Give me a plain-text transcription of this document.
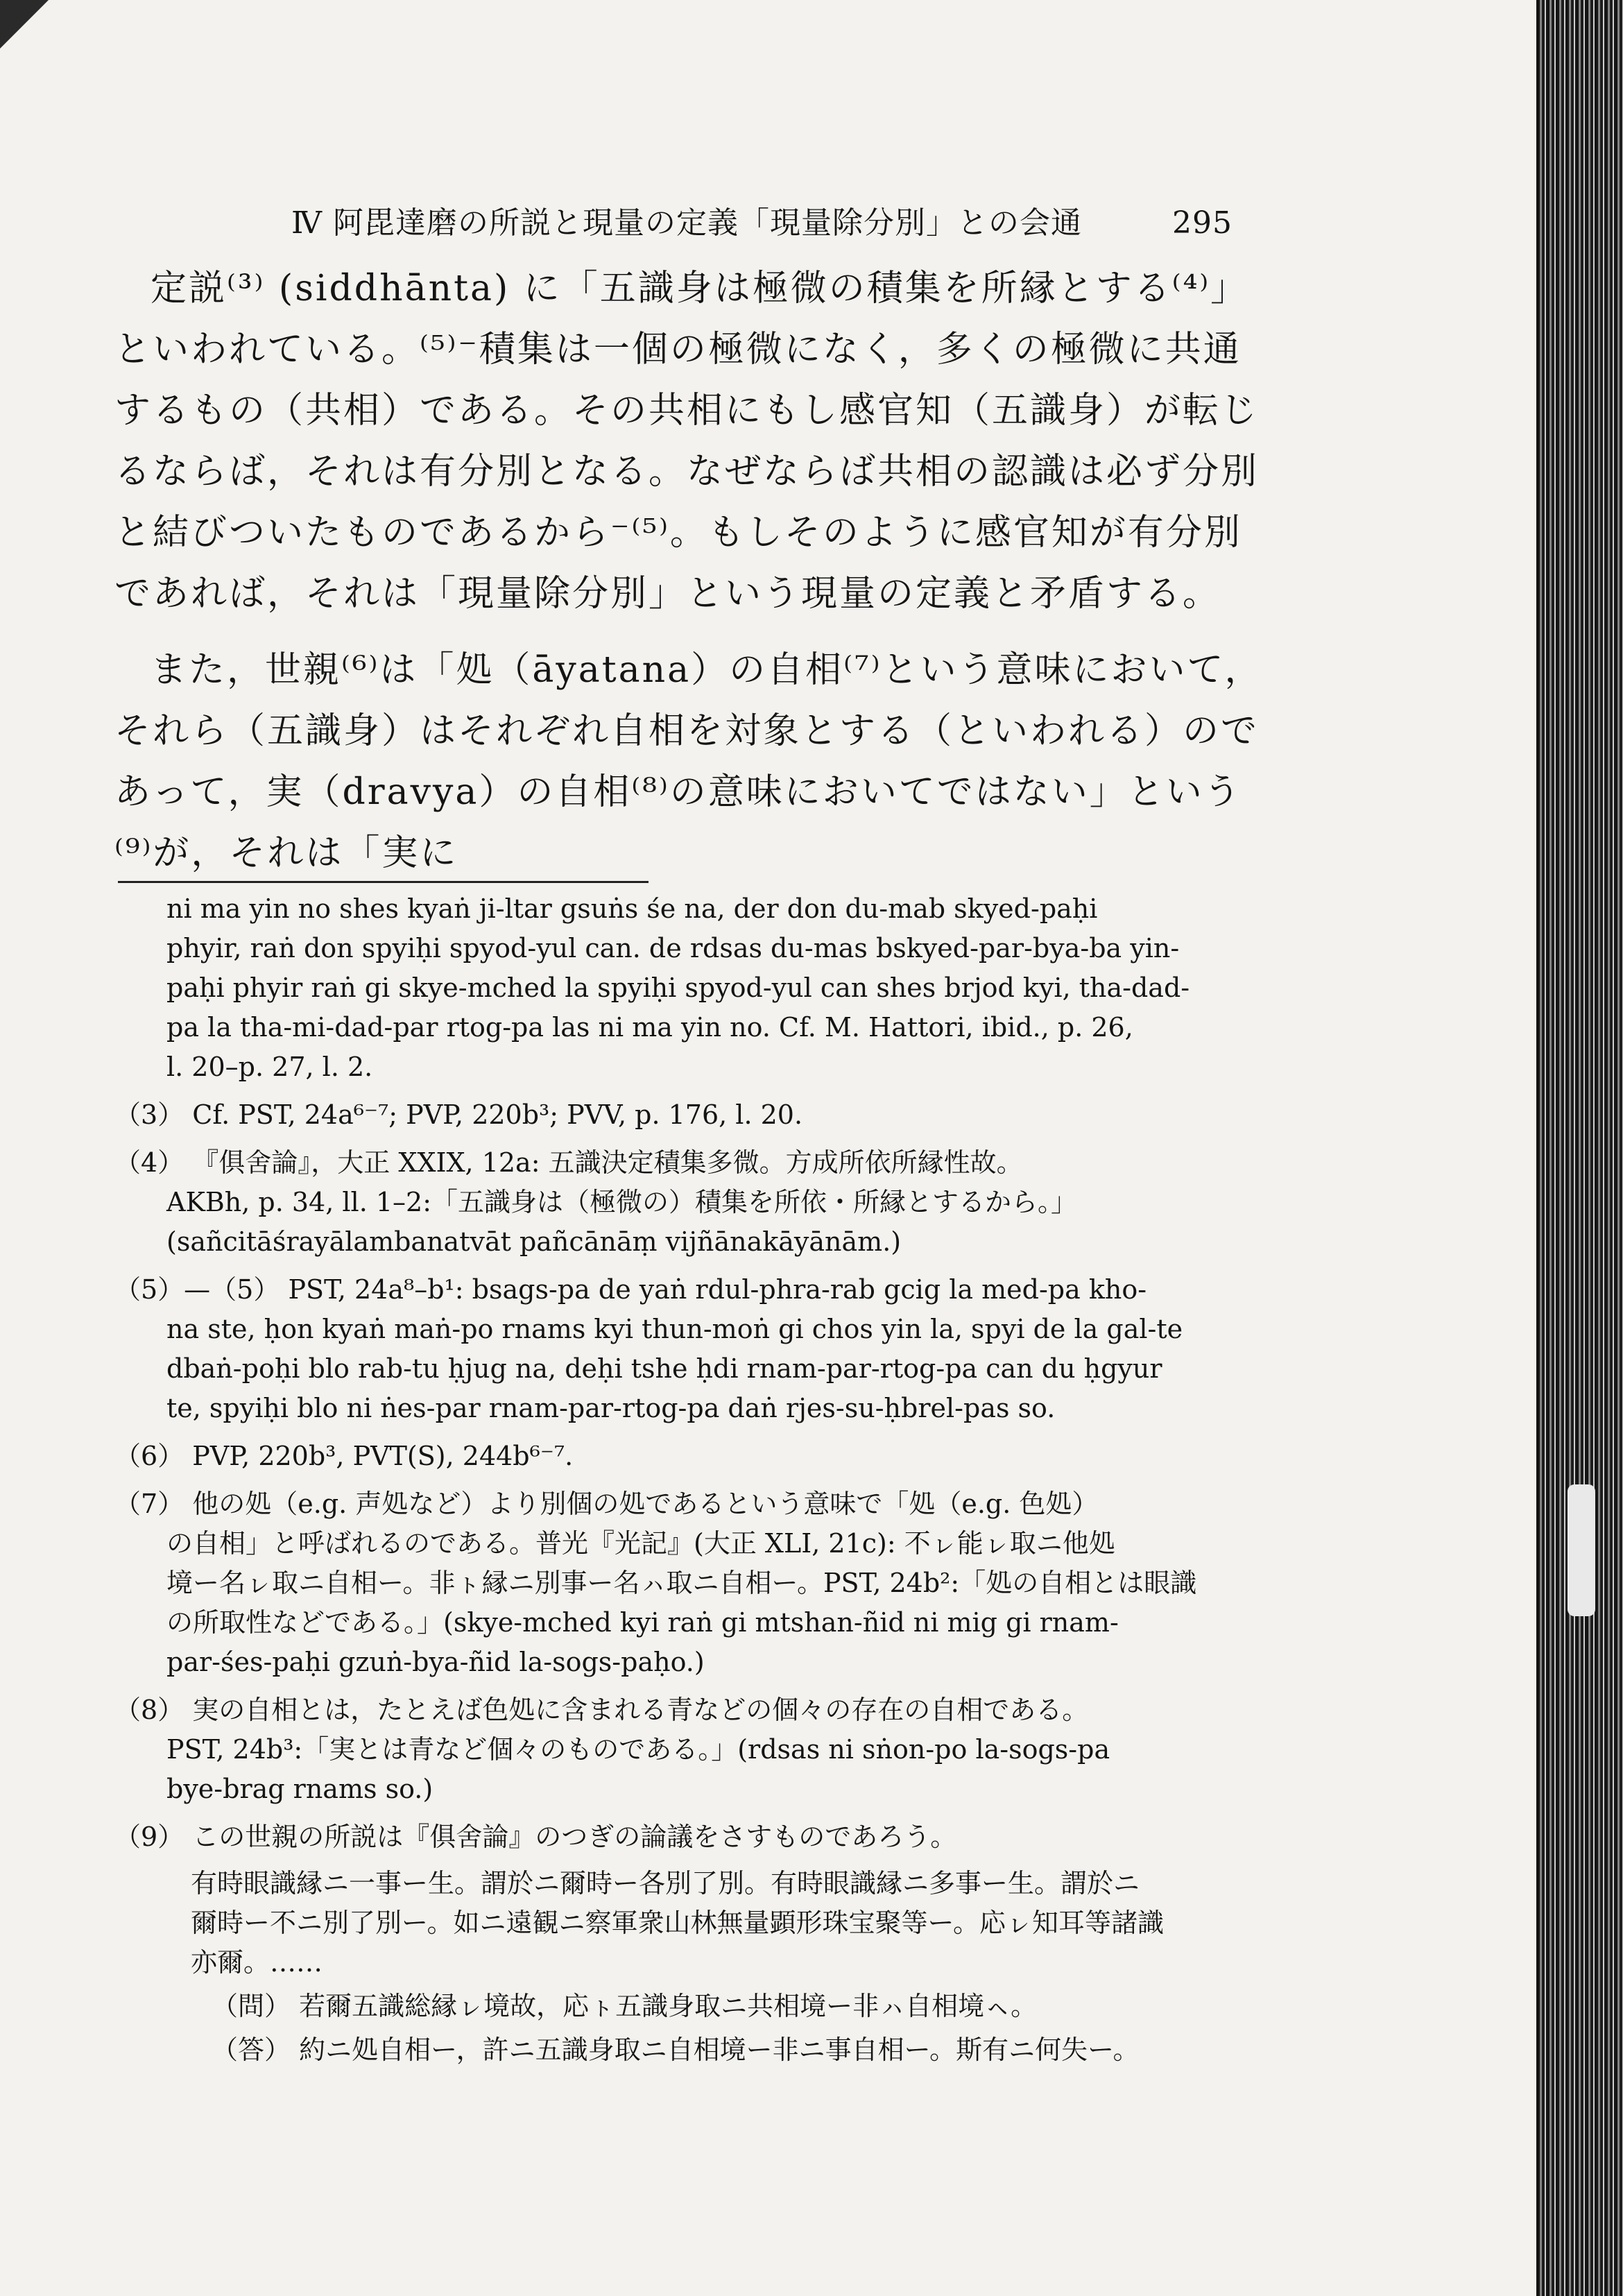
Ⅳ 阿毘達磨の所説と現量の定義「現量除分別」との会通	295

定説⁽³⁾ (siddhānta) に「五識身は極微の積集を所縁とする⁽⁴⁾」といわれている。⁽⁵⁾⁻積集は一個の極微になく，多くの極微に共通するもの（共相）である。その共相にもし感官知（五識身）が転じるならば，それは有分別となる。なぜならば共相の認識は必ず分別と結びついたものであるから⁻⁽⁵⁾。もしそのように感官知が有分別であれば，それは「現量除分別」という現量の定義と矛盾する。

また，世親⁽⁶⁾は「処（āyatana）の自相⁽⁷⁾という意味において，それら（五識身）はそれぞれ自相を対象とする（といわれる）のであって，実（dravya）の自相⁽⁸⁾の意味においてではない」という⁽⁹⁾が，それは「実に

ni ma yin no shes kyaṅ ji-ltar gsuṅs śe na, der don du-mab skyed-paḥi
phyir, raṅ don spyiḥi spyod-yul can. de rdsas du-mas bskyed-par-bya-ba yin-
paḥi phyir raṅ gi skye-mched la spyiḥi spyod-yul can shes brjod kyi, tha-dad-
pa la tha-mi-dad-par rtog-pa las ni ma yin no. Cf. M. Hattori, ibid., p. 26,
l. 20–p. 27, l. 2.

（3） Cf. PST, 24a⁶⁻⁷; PVP, 220b³; PVV, p. 176, l. 20.

（4） 『俱舍論』，大正 XXIX, 12a: 五識決定積集多微。方成所依所縁性故。
AKBh, p. 34, ll. 1–2:「五識身は（極微の）積集を所依・所縁とするから。」
(sañcitāśrayālambanatvāt pañcānāṃ vijñānakāyānām.)

（5）—（5） PST, 24a⁸–b¹: bsags-pa de yaṅ rdul-phra-rab gcig la med-pa kho-
na ste, ḥon kyaṅ maṅ-po rnams kyi thun-moṅ gi chos yin la, spyi de la gal-te
dbaṅ-poḥi blo rab-tu ḥjug na, deḥi tshe ḥdi rnam-par-rtog-pa can du ḥgyur
te, spyiḥi blo ni ṅes-par rnam-par-rtog-pa daṅ rjes-su-ḥbrel-pas so.

（6） PVP, 220b³, PVT(S), 244b⁶⁻⁷.

（7） 他の処（e.g. 声処など）より別個の処であるという意味で「処（e.g. 色処）
の自相」と呼ばれるのである。普光『光記』(大正 XLI, 21c): 不ㇾ能ㇾ取ニ他処
境ー名ㇾ取ニ自相ー。非ㇳ縁ニ別事ー名ㇵ取ニ自相ー。PST, 24b²:「処の自相とは眼識
の所取性などである。」(skye-mched kyi raṅ gi mtshan-ñid ni mig gi rnam-
par-śes-paḥi gzuṅ-bya-ñid la-sogs-paḥo.)

（8） 実の自相とは，たとえば色処に含まれる青などの個々の存在の自相である。
PST, 24b³:「実とは青など個々のものである。」(rdsas ni sṅon-po la-sogs-pa
bye-brag rnams so.)

（9） この世親の所説は『俱舍論』のつぎの論議をさすものであろう。

有時眼識縁ニ一事ー生。謂於ニ爾時ー各別了別。有時眼識縁ニ多事ー生。謂於ニ
爾時ー不ニ別了別ー。如ニ遠観ニ察軍衆山林無量顕形珠宝聚等ー。応ㇾ知耳等諸識
亦爾。……

（問） 若爾五識総縁ㇾ境故，応ㇳ五識身取ニ共相境ー非ㇵ自相境ㇸ。

（答） 約ニ処自相ー，許ニ五識身取ニ自相境ー非ニ事自相ー。斯有ニ何失ー。
